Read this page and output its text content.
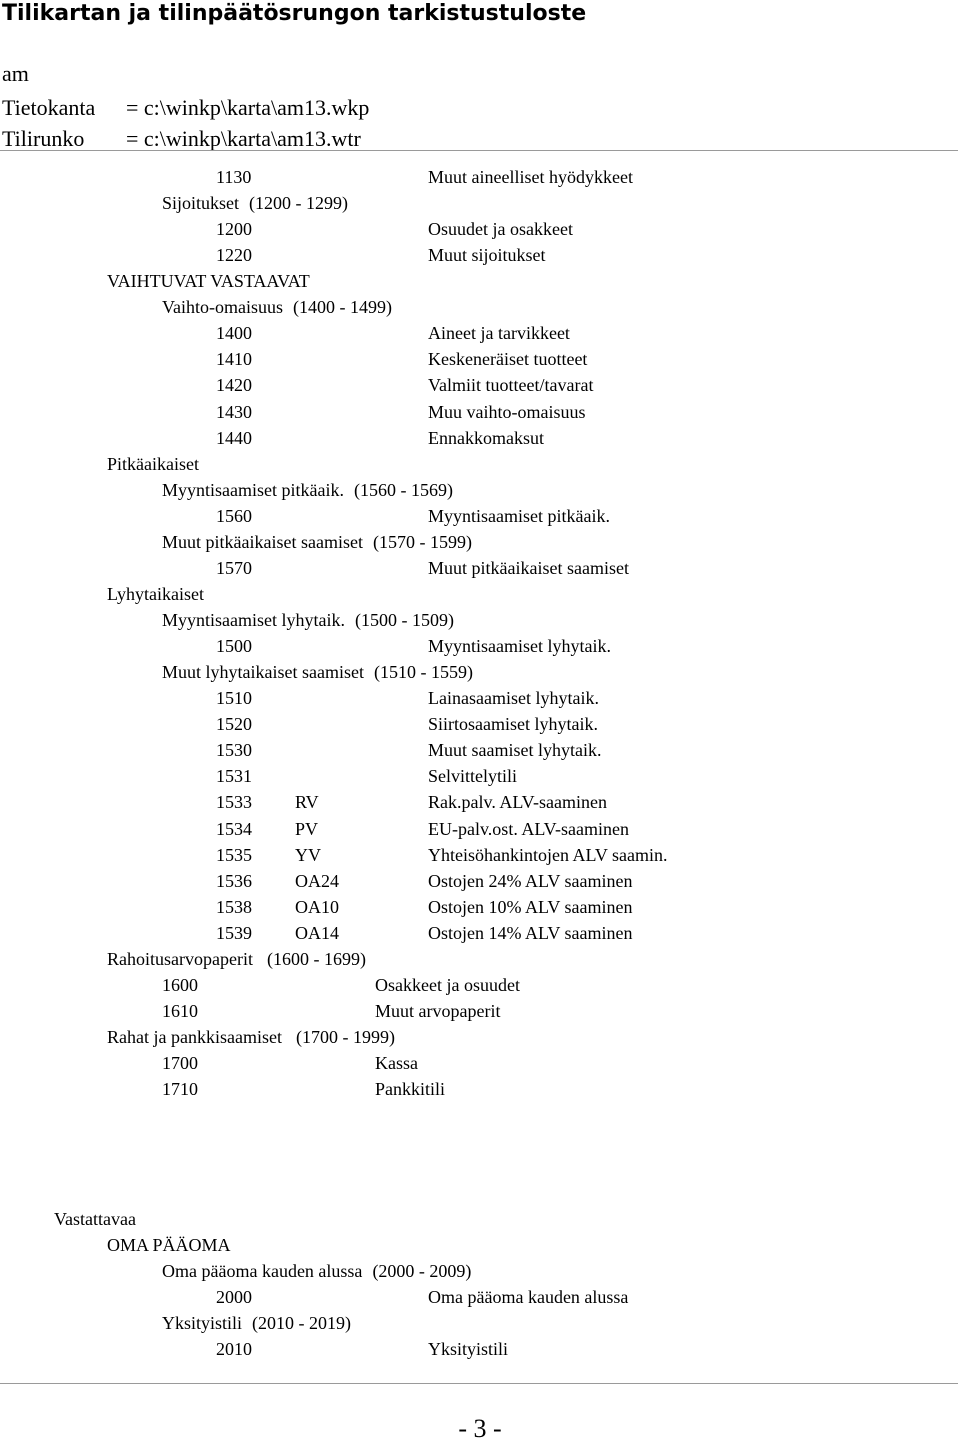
Tilikartan ja tilinpäätösrungon tarkistustuloste
am
Tietokanta = c:\winkp\karta\am13.wkp
Tilirunko = c:\winkp\karta\am13.wtr
1130	Muut aineelliset hyödykkeet
Sijoitukset (1200 - 1299)
1200	Osuudet ja osakkeet
1220	Muut sijoitukset
VAIHTUVAT VASTAAVAT
Vaihto-omaisuus (1400 - 1499)
1400	Aineet ja tarvikkeet
1410	Keskeneräiset tuotteet
1420	Valmiit tuotteet/tavarat
1430	Muu vaihto-omaisuus
1440	Ennakkomaksut
Pitkäaikaiset
Myyntisaamiset pitkäaik. (1560 - 1569)
1560	Myyntisaamiset pitkäaik.
Muut pitkäaikaiset saamiset (1570 - 1599)
1570	Muut pitkäaikaiset saamiset
Lyhytaikaiset
Myyntisaamiset lyhytaik. (1500 - 1509)
1500	Myyntisaamiset lyhytaik.
Muut lyhytaikaiset saamiset (1510 - 1559)
1510	Lainasaamiset lyhytaik.
1520	Siirtosaamiset lyhytaik.
1530	Muut saamiset lyhytaik.
1531	Selvittelytili
1533 RV	Rak.palv. ALV-saaminen
1534 PV	EU-palv.ost. ALV-saaminen
1535 YV	Yhteisöhankintojen ALV saamin.
1536 OA24	Ostojen 24% ALV saaminen
1538 OA10	Ostojen 10% ALV saaminen
1539 OA14	Ostojen 14% ALV saaminen
Rahoitusarvopaperit (1600 - 1699)
1600	Osakkeet ja osuudet
1610	Muut arvopaperit
Rahat ja pankkisaamiset (1700 - 1999)
1700	Kassa
1710	Pankkitili
Vastattavaa
OMA PÄÄOMA
Oma pääoma kauden alussa (2000 - 2009)
2000	Oma pääoma kauden alussa
Yksityistili (2010 - 2019)
2010	Yksityistili
- 3 -
